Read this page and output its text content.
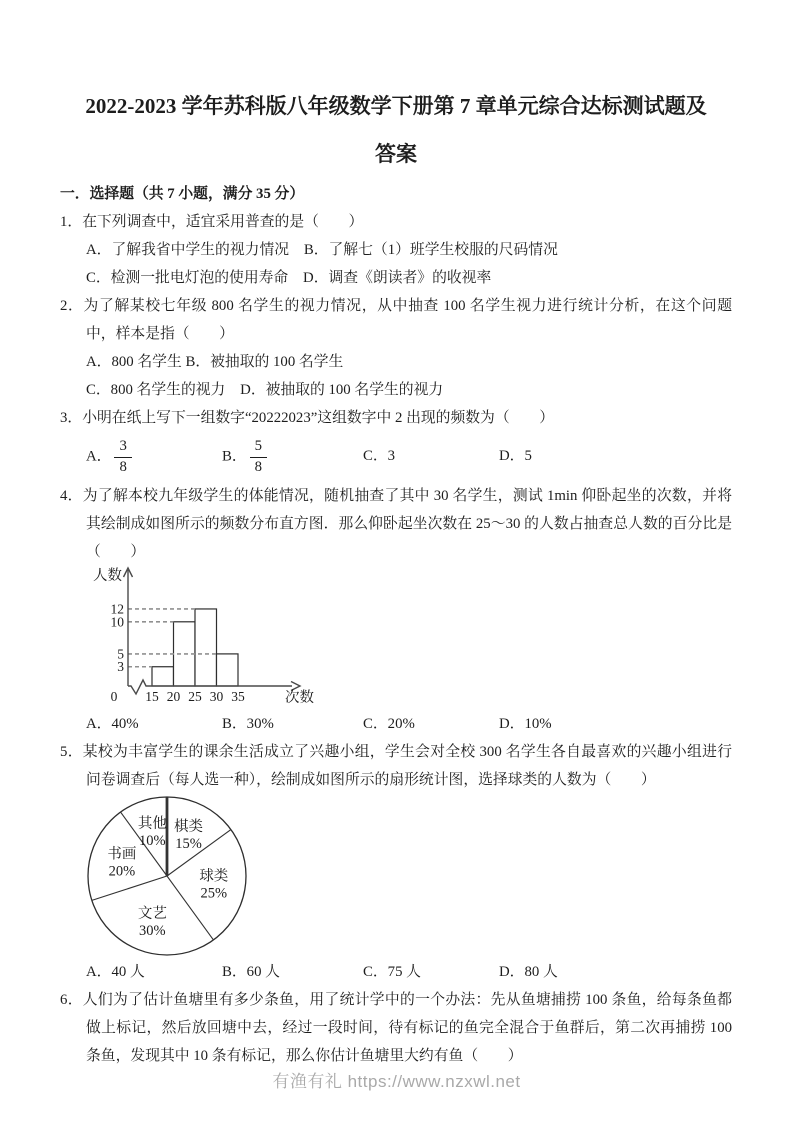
2022-2023 学年苏科版八年级数学下册第 7 章单元综合达标测试题及
答案
一．选择题（共 7 小题，满分 35 分）

1．在下列调查中，适宜采用普查的是（　　）

A．了解我省中学生的视力情况　B．了解七（1）班学生校服的尺码情况

C．检测一批电灯泡的使用寿命　D．调查《朗读者》的收视率

2．为了解某校七年级 800 名学生的视力情况，从中抽查 100 名学生视力进行统计分析，在这个问题中，样本是指（　　）

A．800 名学生 B．被抽取的 100 名学生

C．800 名学生的视力　D．被抽取的 100 名学生的视力

3．小明在纸上写下一组数字“20222023”这组数字中 2 出现的频数为（　　）

A． $\frac{3}{8}$	B． $\frac{5}{8}$	C．3	D．5

4．为了解本校九年级学生的体能情况，随机抽查了其中 30 名学生，测试 1min 仰卧起坐的次数，并将其绘制成如图所示的频数分布直方图．那么仰卧起坐次数在 25～30 的人数占抽查总人数的百分比是（　　）

人数
次数
0 15 20 25 30 35
3
5
10
12
A．40%	B．30%	C．20%	D．10%

5．某校为丰富学生的课余生活成立了兴趣小组，学生会对全校 300 名学生各自最喜欢的兴趣小组进行问卷调查后（每人选一种），绘制成如图所示的扇形统计图，选择球类的人数为（　　）

棋类 15%
球类 25%
文艺 30%
书画 20%
其他 10%
A．40 人	B．60 人	C．75 人	D．80 人

6．人们为了估计鱼塘里有多少条鱼，用了统计学中的一个办法：先从鱼塘捕捞 100 条鱼，给每条鱼都做上标记，然后放回塘中去，经过一段时间，待有标记的鱼完全混合于鱼群后，第二次再捕捞 100 条鱼，发现其中 10 条有标记，那么你估计鱼塘里大约有鱼（　　）

有渔有礼 https://www.nzxwl.net
